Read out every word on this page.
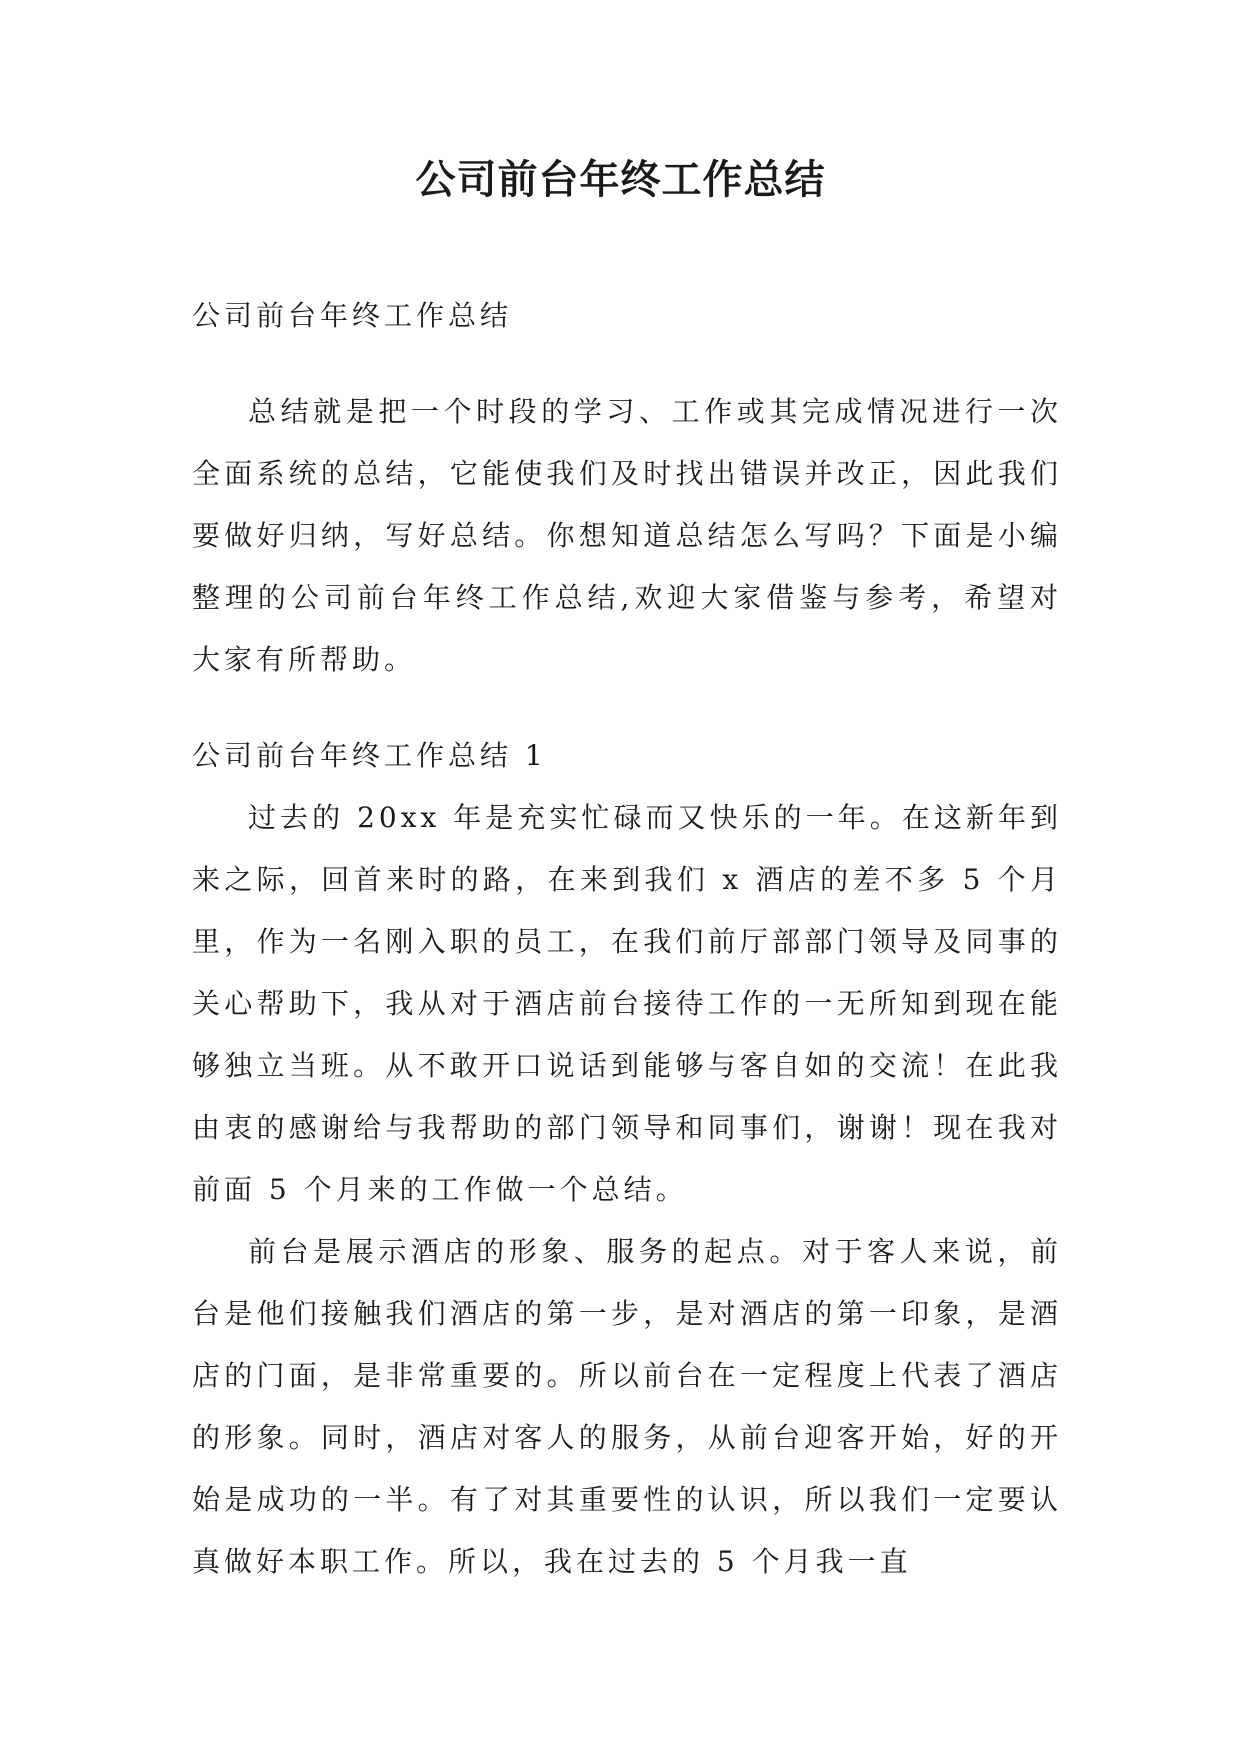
公司前台年终工作总结

公司前台年终工作总结

总结就是把一个时段的学习、工作或其完成情况进行一次全面系统的总结，它能使我们及时找出错误并改正，因此我们要做好归纳，写好总结。你想知道总结怎么写吗？下面是小编整理的公司前台年终工作总结,欢迎大家借鉴与参考，希望对大家有所帮助。

公司前台年终工作总结 1

过去的 20xx 年是充实忙碌而又快乐的一年。在这新年到来之际，回首来时的路，在来到我们 x 酒店的差不多 5 个月里，作为一名刚入职的员工，在我们前厅部部门领导及同事的关心帮助下，我从对于酒店前台接待工作的一无所知到现在能够独立当班。从不敢开口说话到能够与客自如的交流！在此我由衷的感谢给与我帮助的部门领导和同事们，谢谢！现在我对前面 5 个月来的工作做一个总结。

前台是展示酒店的形象、服务的起点。对于客人来说，前台是他们接触我们酒店的第一步，是对酒店的第一印象，是酒店的门面，是非常重要的。所以前台在一定程度上代表了酒店的形象。同时，酒店对客人的服务，从前台迎客开始，好的开始是成功的一半。有了对其重要性的认识，所以我们一定要认真做好本职工作。所以，我在过去的 5 个月我一直
